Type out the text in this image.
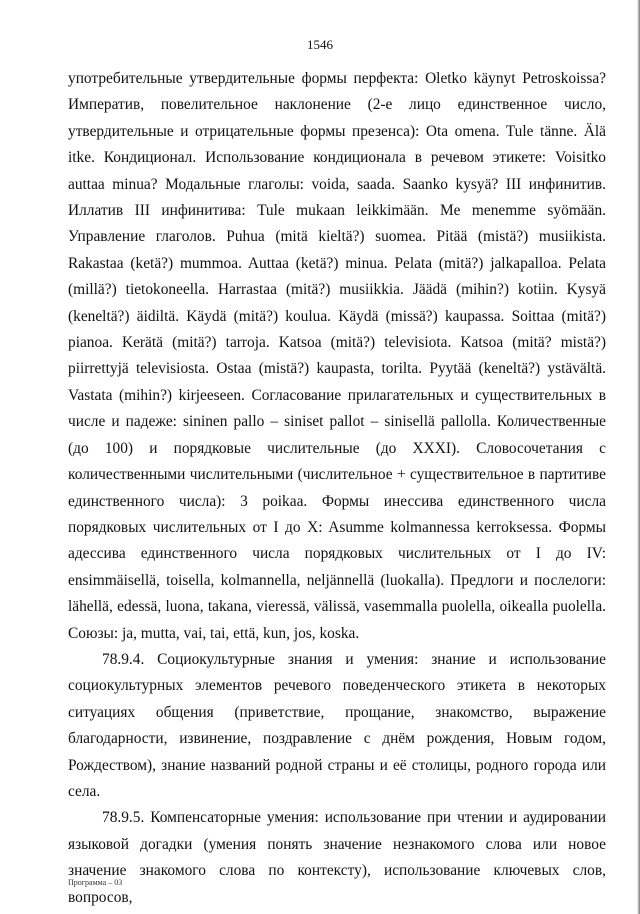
1546

употребительные утвердительные формы перфекта: Oletko käynyt Petroskoissa? Императив, повелительное наклонение (2-е лицо единственное число, утвердительные и отрицательные формы презенса): Ota omena. Tule tänne. Älä itke. Кондиционал. Использование кондиционала в речевом этикете: Voisitko auttaa minua? Модальные глаголы: voida, saada. Saanko kysyä? III инфинитив. Иллатив III инфинитива: Tule mukaan leikkimään. Me menemme syömään. Управление глаголов. Puhua (mitä kieltä?) suomea. Pitää (mistä?) musiikista. Rakastaa (ketä?) mummoa. Auttaa (ketä?) minua. Pelata (mitä?) jalkapalloa. Pelata (millä?) tietokoneella. Harrastaa (mitä?) musiikkia. Jäädä (mihin?) kotiin. Kysyä (keneltä?) äidiltä. Käydä (mitä?) koulua. Käydä (missä?) kaupassa. Soittaa (mitä?) pianoa. Kerätä (mitä?) tarroja. Katsoa (mitä?) televisiota. Katsoa (mitä? mistä?) piirrettyjä televisiosta. Ostaa (mistä?) kaupasta, torilta. Pyytää (keneltä?) ystävältä. Vastata (mihin?) kirjeeseen. Согласование прилагательных и существительных в числе и падеже: sininen pallo – siniset pallot – sinisellä pallolla. Количественные (до 100) и порядковые числительные (до XXXI). Словосочетания с количественными числительными (числительное + существительное в партитиве единственного числа): 3 poikaa. Формы инессива единственного числа порядковых числительных от I до X: Asumme kolmannessa kerroksessa. Формы адессива единственного числа порядковых числительных от I до IV: ensimmäisellä, toisella, kolmannella, neljännellä (luokalla). Предлоги и послелоги: lähellä, edessä, luona, takana, vieressä, välissä, vasemmalla puolella, oikealla puolella. Союзы: ja, mutta, vai, tai, että, kun, jos, koska.

78.9.4. Социокультурные знания и умения: знание и использование социокультурных элементов речевого поведенческого этикета в некоторых ситуациях общения (приветствие, прощание, знакомство, выражение благодарности, извинение, поздравление с днём рождения, Новым годом, Рождеством), знание названий родной страны и её столицы, родного города или села.

78.9.5. Компенсаторные умения: использование при чтении и аудировании языковой догадки (умения понять значение незнакомого слова или новое значение знакомого слова по контексту), использование ключевых слов, вопросов,

Программа – 03
